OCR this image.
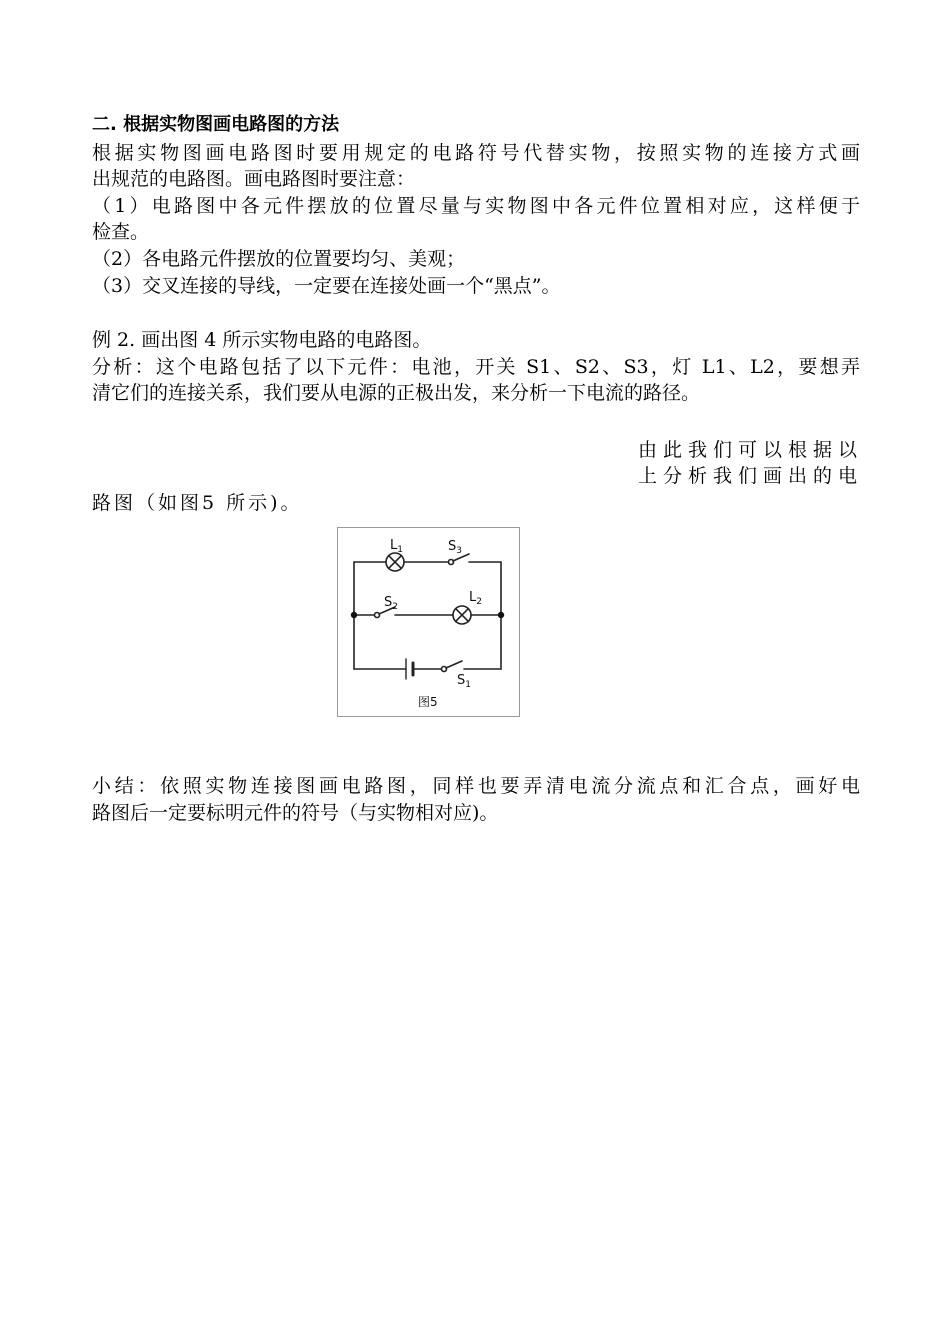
二. 根据实物图画电路图的方法
根据实物图画电路图时要用规定的电路符号代替实物，按照实物的连接方式画
出规范的电路图。画电路图时要注意：
（1）电路图中各元件摆放的位置尽量与实物图中各元件位置相对应，这样便于
检查。
（2）各电路元件摆放的位置要均匀、美观；
（3）交叉连接的导线，一定要在连接处画一个“黑点”。
例 2. 画出图 4 所示实物电路的电路图。
分析：这个电路包括了以下元件：电池，开关 S1、S2、S3，灯 L1、L2，要想弄
清它们的连接关系，我们要从电源的正极出发，来分析一下电流的路径。
由此我们可以根据以
上分析我们画出的电
路图（如图5 所示)。
$L_1$	$S_3$
$S_2$
$L_2$
$S_1$
图5
小结：依照实物连接图画电路图，同样也要弄清电流分流点和汇合点，画好电
路图后一定要标明元件的符号（与实物相对应)。
